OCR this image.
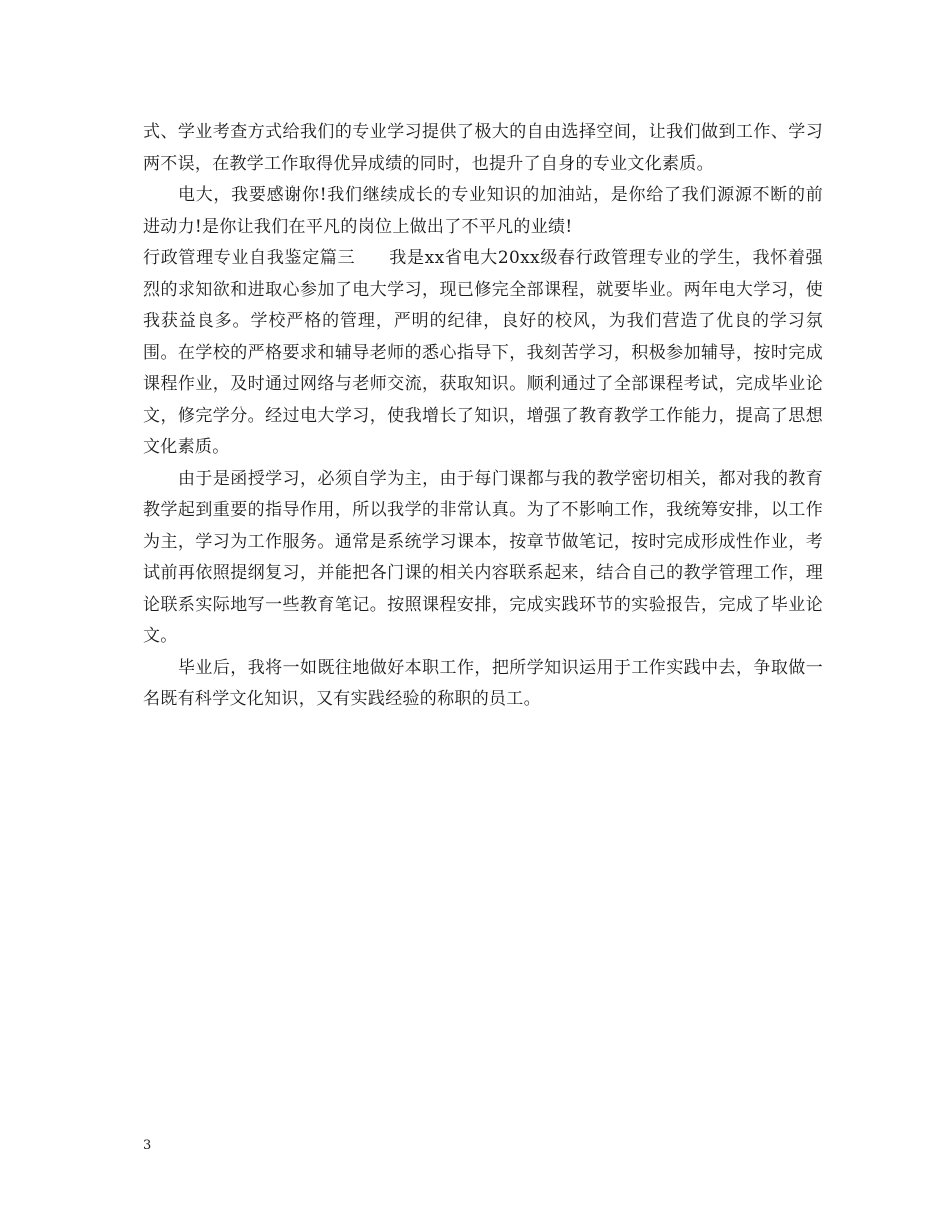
式、学业考查方式给我们的专业学习提供了极大的自由选择空间，让我们做到工作、学习两不误，在教学工作取得优异成绩的同时，也提升了自身的专业文化素质。

电大，我要感谢你!我们继续成长的专业知识的加油站，是你给了我们源源不断的前进动力!是你让我们在平凡的岗位上做出了不平凡的业绩!

行政管理专业自我鉴定篇三 我是xx省电大20xx级春行政管理专业的学生，我怀着强烈的求知欲和进取心参加了电大学习，现已修完全部课程，就要毕业。两年电大学习，使我获益良多。学校严格的管理，严明的纪律，良好的校风，为我们营造了优良的学习氛围。在学校的严格要求和辅导老师的悉心指导下，我刻苦学习，积极参加辅导，按时完成课程作业，及时通过网络与老师交流，获取知识。顺利通过了全部课程考试，完成毕业论文，修完学分。经过电大学习，使我增长了知识，增强了教育教学工作能力，提高了思想文化素质。

由于是函授学习，必须自学为主，由于每门课都与我的教学密切相关，都对我的教育教学起到重要的指导作用，所以我学的非常认真。为了不影响工作，我统筹安排，以工作为主，学习为工作服务。通常是系统学习课本，按章节做笔记，按时完成形成性作业，考试前再依照提纲复习，并能把各门课的相关内容联系起来，结合自己的教学管理工作，理论联系实际地写一些教育笔记。按照课程安排，完成实践环节的实验报告，完成了毕业论文。

毕业后，我将一如既往地做好本职工作，把所学知识运用于工作实践中去，争取做一名既有科学文化知识，又有实践经验的称职的员工。

3
